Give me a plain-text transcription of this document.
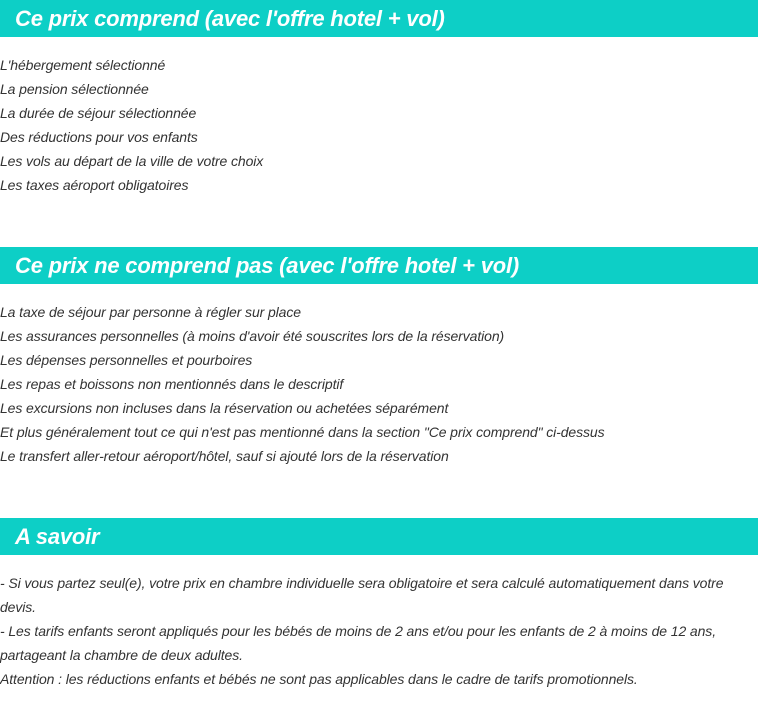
Ce prix comprend (avec l'offre hotel + vol)
L'hébergement sélectionné
La pension sélectionnée
La durée de séjour sélectionnée
Des réductions pour vos enfants
Les vols au départ de la ville de votre choix
Les taxes aéroport obligatoires
Ce prix ne comprend pas (avec l'offre hotel + vol)
La taxe de séjour par personne à régler sur place
Les assurances personnelles (à moins d'avoir été souscrites lors de la réservation)
Les dépenses personnelles et pourboires
Les repas et boissons non mentionnés dans le descriptif
Les excursions non incluses dans la réservation ou achetées séparément
Et plus généralement tout ce qui n'est pas mentionné dans la section "Ce prix comprend" ci-dessus
Le transfert aller-retour aéroport/hôtel, sauf si ajouté lors de la réservation
A savoir

- Si vous partez seul(e), votre prix en chambre individuelle sera obligatoire et sera calculé automatiquement dans votre devis.

- Les tarifs enfants seront appliqués pour les bébés de moins de 2 ans et/ou pour les enfants de 2 à moins de 12 ans, partageant la chambre de deux adultes.

Attention : les réductions enfants et bébés ne sont pas applicables dans le cadre de tarifs promotionnels.
